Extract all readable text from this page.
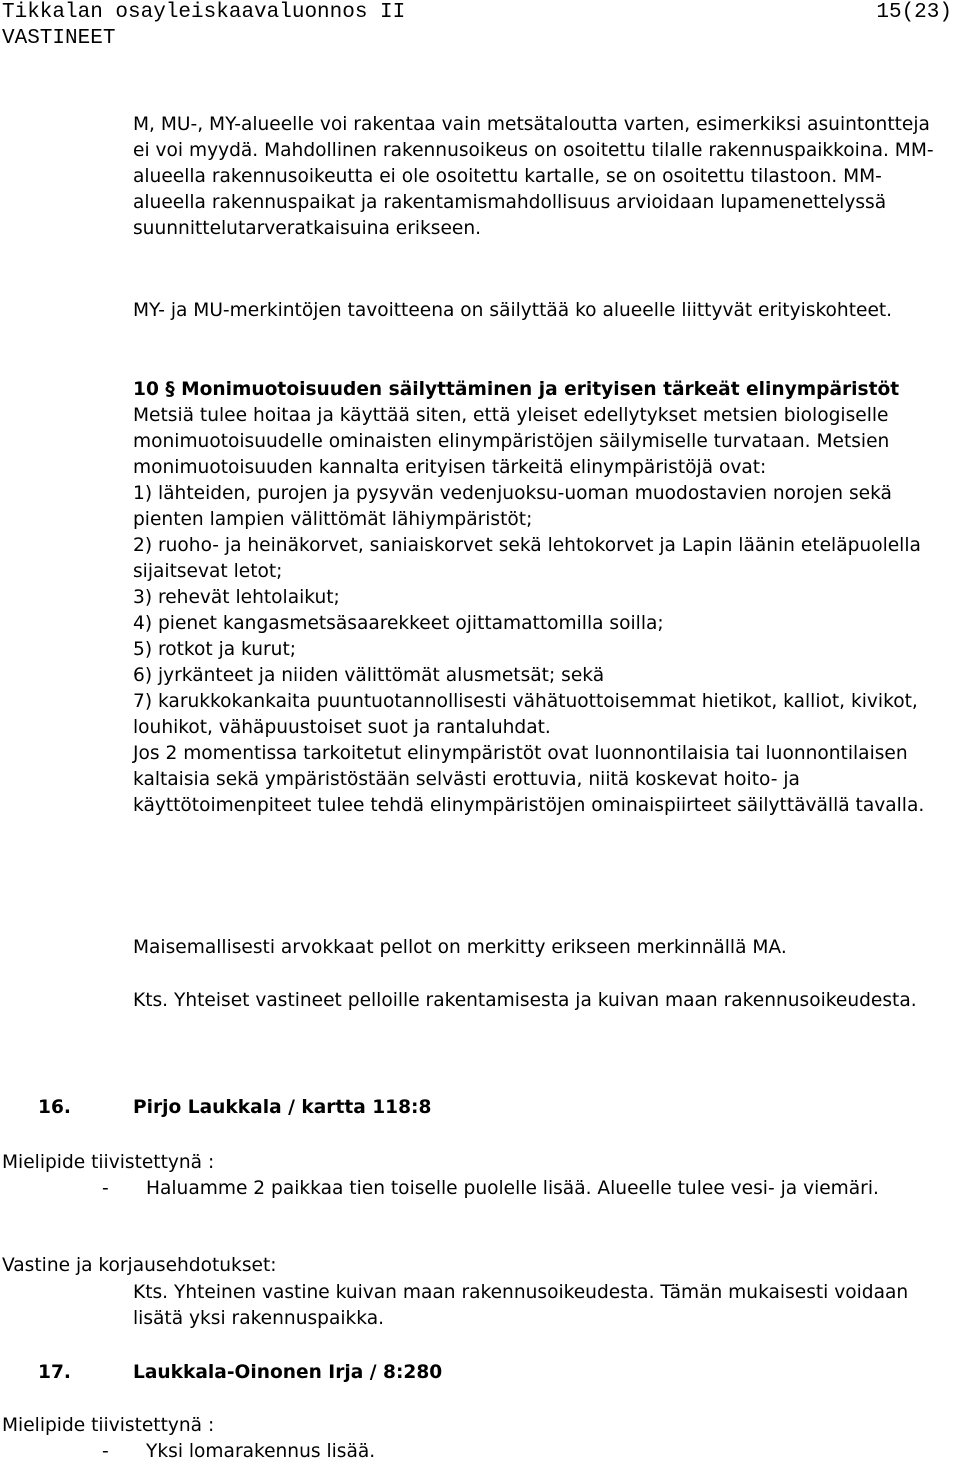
Tikkalan osayleiskaavaluonnos II	15(23)
VASTINEET

M, MU-, MY-alueelle voi rakentaa vain metsätaloutta varten, esimerkiksi asuintontteja ei voi myydä. Mahdollinen rakennusoikeus on osoitettu tilalle rakennuspaikkoina. MM-alueella rakennusoikeutta ei ole osoitettu kartalle, se on osoitettu tilastoon. MM-alueella rakennuspaikat ja rakentamismahdollisuus arvioidaan lupamenettelyssä suunnittelutarveratkaisuina erikseen.

MY- ja MU-merkintöjen tavoitteena on säilyttää ko alueelle liittyvät erityiskohteet.

10 § Monimuotoisuuden säilyttäminen ja erityisen tärkeät elinympäristöt
Metsiä tulee hoitaa ja käyttää siten, että yleiset edellytykset metsien biologiselle monimuotoisuudelle ominaisten elinympäristöjen säilymiselle turvataan. Metsien monimuotoisuuden kannalta erityisen tärkeitä elinympäristöjä ovat:
1) lähteiden, purojen ja pysyvän vedenjuoksu-uoman muodostavien norojen sekä pienten lampien välittömät lähiympäristöt;
2) ruoho- ja heinäkorvet, saniaiskorvet sekä lehtokorvet ja Lapin läänin eteläpuolella sijaitsevat letot;
3) rehevät lehtolaikut;
4) pienet kangasmetsäsaarekkeet ojittamattomilla soilla;
5) rotkot ja kurut;
6) jyrkänteet ja niiden välittömät alusmetsät; sekä
7) karukkokankaita puuntuotannollisesti vähätuottoisemmat hietikot, kalliot, kivikot, louhikot, vähäpuustoiset suot ja rantaluhdat.
Jos 2 momentissa tarkoitetut elinympäristöt ovat luonnontilaisia tai luonnontilaisen kaltaisia sekä ympäristöstään selvästi erottuvia, niitä koskevat hoito- ja käyttötoimenpiteet tulee tehdä elinympäristöjen ominaispiirteet säilyttävällä tavalla.

Maisemallisesti arvokkaat pellot on merkitty erikseen merkinnällä MA.

Kts. Yhteiset vastineet pelloille rakentamisesta ja kuivan maan rakennusoikeudesta.

16.	Pirjo Laukkala / kartta 118:8
Mielipide tiivistettynä :
-	Haluamme 2 paikkaa tien toiselle puolelle lisää. Alueelle tulee vesi- ja viemäri.
Vastine ja korjausehdotukset:

Kts. Yhteinen vastine kuivan maan rakennusoikeudesta. Tämän mukaisesti voidaan lisätä yksi rakennuspaikka.

17.	Laukkala-Oinonen Irja / 8:280
Mielipide tiivistettynä :
-	Yksi lomarakennus lisää.
